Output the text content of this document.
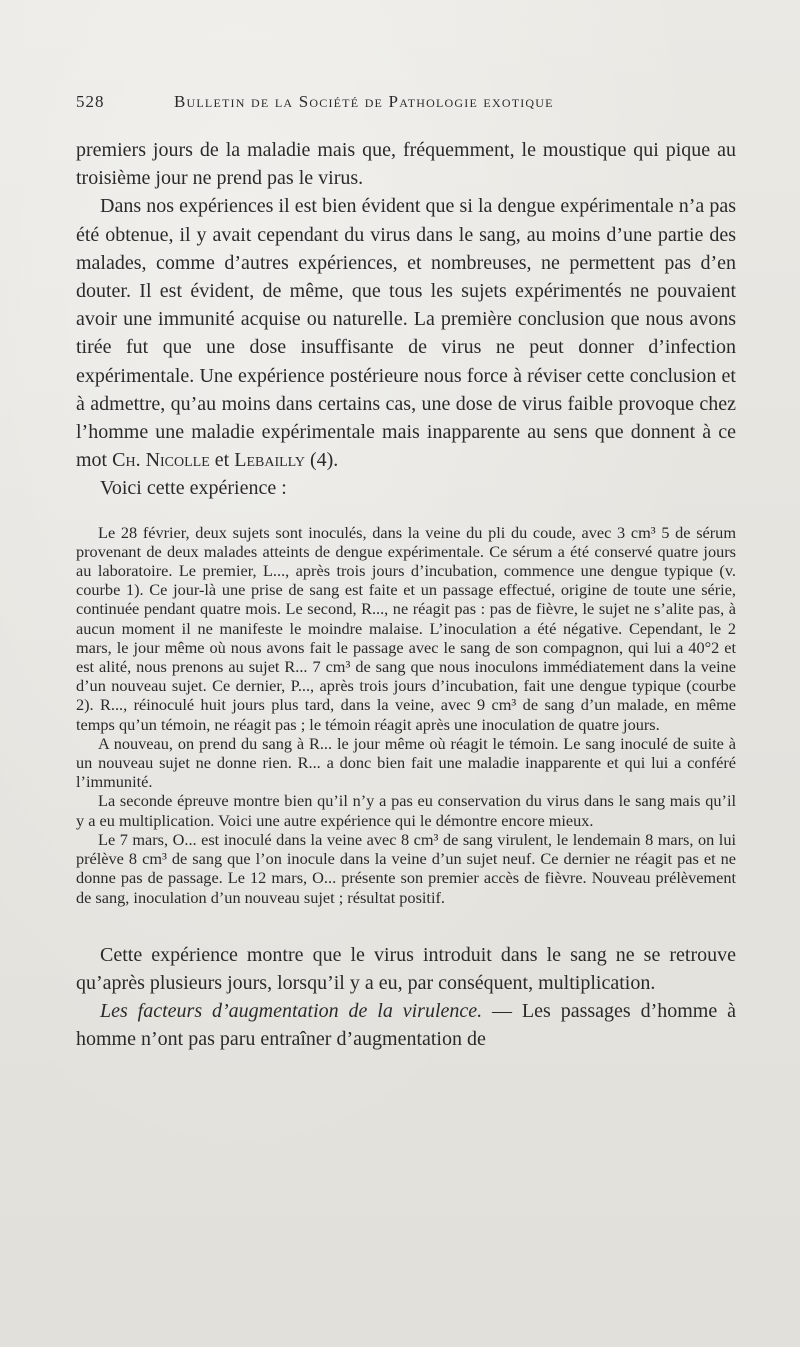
528	Bulletin de la Société de Pathologie exotique

premiers jours de la maladie mais que, fréquemment, le moustique qui pique au troisième jour ne prend pas le virus.

Dans nos expériences il est bien évident que si la dengue expérimentale n’a pas été obtenue, il y avait cependant du virus dans le sang, au moins d’une partie des malades, comme d’autres expériences, et nombreuses, ne permettent pas d’en douter. Il est évident, de même, que tous les sujets expérimentés ne pouvaient avoir une immunité acquise ou naturelle. La première conclusion que nous avons tirée fut que une dose insuffisante de virus ne peut donner d’infection expérimentale. Une expérience postérieure nous force à réviser cette conclusion et à admettre, qu’au moins dans certains cas, une dose de virus faible provoque chez l’homme une maladie expérimentale mais inapparente au sens que donnent à ce mot Ch. Nicolle et Lebailly (4).

Voici cette expérience :

Le 28 février, deux sujets sont inoculés, dans la veine du pli du coude, avec 3 cm³ 5 de sérum provenant de deux malades atteints de dengue expérimentale. Ce sérum a été conservé quatre jours au laboratoire. Le premier, L..., après trois jours d’incubation, commence une dengue typique (v. courbe 1). Ce jour-là une prise de sang est faite et un passage effectué, origine de toute une série, continuée pendant quatre mois. Le second, R..., ne réagit pas : pas de fièvre, le sujet ne s’alite pas, à aucun moment il ne manifeste le moindre malaise. L’inoculation a été négative. Cependant, le 2 mars, le jour même où nous avons fait le passage avec le sang de son compagnon, qui lui a 40°2 et est alité, nous prenons au sujet R... 7 cm³ de sang que nous inoculons immédiatement dans la veine d’un nouveau sujet. Ce dernier, P..., après trois jours d’incubation, fait une dengue typique (courbe 2). R..., réinoculé huit jours plus tard, dans la veine, avec 9 cm³ de sang d’un malade, en même temps qu’un témoin, ne réagit pas ; le témoin réagit après une inoculation de quatre jours.

A nouveau, on prend du sang à R... le jour même où réagit le témoin. Le sang inoculé de suite à un nouveau sujet ne donne rien. R... a donc bien fait une maladie inapparente et qui lui a conféré l’immunité.

La seconde épreuve montre bien qu’il n’y a pas eu conservation du virus dans le sang mais qu’il y a eu multiplication. Voici une autre expérience qui le démontre encore mieux.

Le 7 mars, O... est inoculé dans la veine avec 8 cm³ de sang virulent, le lendemain 8 mars, on lui prélève 8 cm³ de sang que l’on inocule dans la veine d’un sujet neuf. Ce dernier ne réagit pas et ne donne pas de passage. Le 12 mars, O... présente son premier accès de fièvre. Nouveau prélèvement de sang, inoculation d’un nouveau sujet ; résultat positif.

Cette expérience montre que le virus introduit dans le sang ne se retrouve qu’après plusieurs jours, lorsqu’il y a eu, par conséquent, multiplication.

Les facteurs d’augmentation de la virulence. — Les passages d’homme à homme n’ont pas paru entraîner d’augmentation de
